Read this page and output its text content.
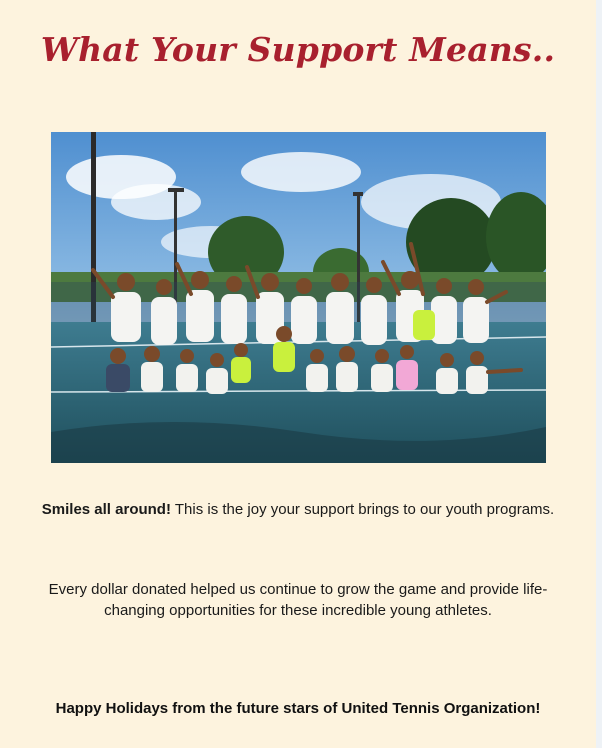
What Your Support Means..

Smiles all around! This is the joy your support brings to our youth programs.

Every dollar donated helped us continue to grow the game and provide life-changing opportunities for these incredible young athletes.

Happy Holidays from the future stars of United Tennis Organization!
